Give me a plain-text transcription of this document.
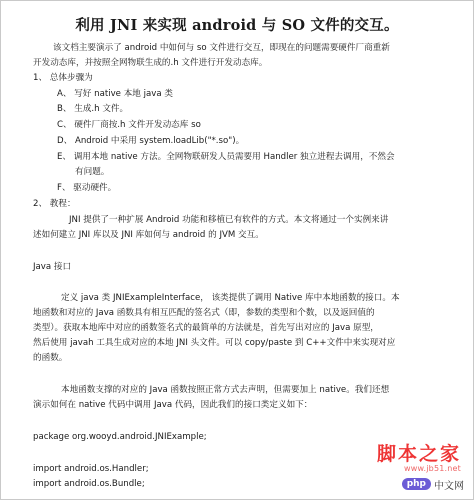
利用 JNI 来实现 android 与 SO 文件的交互。
该文档主要演示了 android 中如何与 so 文件进行交互，即现在的问题需要硬件厂商重新
开发动态库，并按照全网物联生成的.h 文件进行开发动态库。
1、 总体步骤为
A、 写好 native 本地 java 类
B、 生成.h 文件。
C、 硬件厂商按.h 文件开发动态库 so
D、 Android 中采用 system.loadLib("*.so")。
E、 调用本地 native 方法。全网物联研发人员需要用 Handler 独立进程去调用，不然会
有问题。
F、 驱动硬件。
2、 教程：
JNI 提供了一种扩展 Android 功能和移植已有软件的方式。本文将通过一个实例来讲
述如何建立 JNI 库以及 JNI 库如何与 android 的 JVM 交互。
Java 接口
定义 java 类 JNIExampleInterface， 该类提供了调用 Native 库中本地函数的接口。本
地函数和对应的 Java 函数具有相互匹配的签名式（即，参数的类型和个数，以及返回值的
类型）。获取本地库中对应的函数签名式的最简单的方法就是，首先写出对应的 Java 原型，
然后使用 javah 工具生成对应的本地 JNI 头文件。可以 copy/paste 到 C++文件中来实现对应
的函数。
本地函数支撑的对应的 Java 函数按照正常方式去声明，但需要加上 native。我们还想
演示如何在 native 代码中调用 Java 代码，因此我们的接口类定义如下：
package org.wooyd.android.JNIExample;
import android.os.Handler;
import android.os.Bundle;
脚本之家
www.jb51.net
php 中文网
